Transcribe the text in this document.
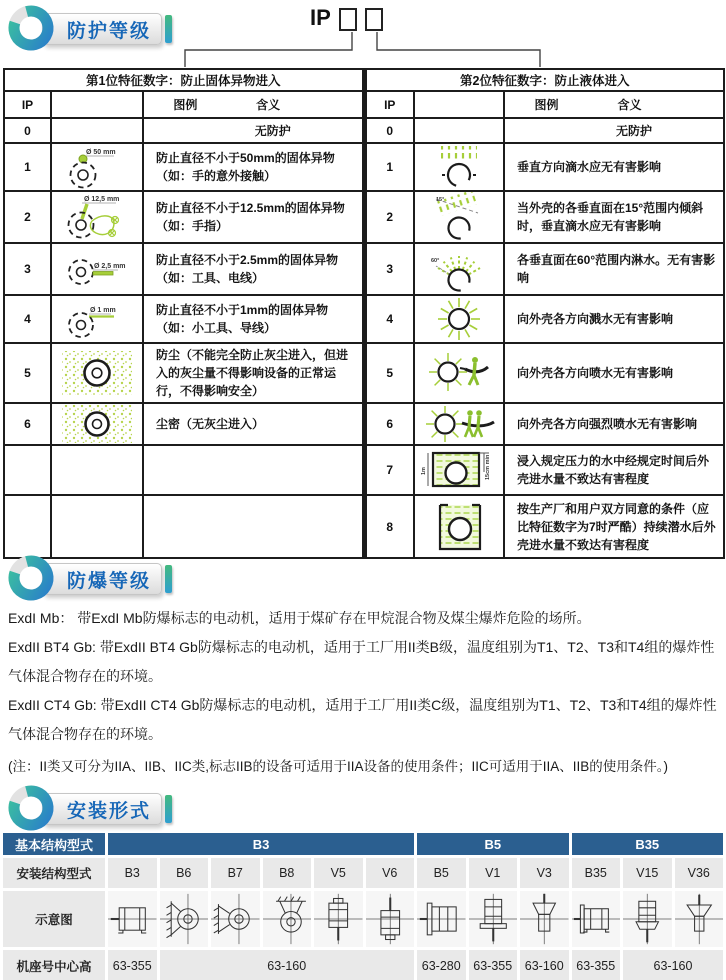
防护等级
IP
第1位特征数字：防止固体异物进入			第2位特征数字：防止液体进入		
IP		图例 含义	IP		图例 含义

0		无防护	0		无防护
1	Ø 50 mm	防止直径不小于50mm的固体异物（如：手的意外接触）	1		垂直方向滴水应无有害影响
2	Ø 12,5 mm	防止直径不小于12.5mm的固体异物（如：手指）	2	15°	当外壳的各垂直面在15°范围内倾斜时，垂直滴水应无有害影响
3	Ø 2,5 mm	防止直径不小于2.5mm的固体异物（如：工具、电线）	3	60°	各垂直面在60°范围内淋水。无有害影响
4	Ø 1 mm	防止直径不小于1mm的固体异物（如：小工具、导线）	4		向外壳各方向溅水无有害影响
5		防尘（不能完全防止灰尘进入，但进入的灰尘量不得影响设备的正常运行，不得影响安全）	5		向外壳各方向喷水无有害影响
6		尘密（无灰尘进入）	6		向外壳各方向强烈喷水无有害影响
			7	1m 15cm min	浸入规定压力的水中经规定时间后外壳进水量不致达有害程度
			8		按生产厂和用户双方同意的条件（应比特征数字为7时严酷）持续潜水后外壳进水量不致达有害程度
防爆等级

ExdI Mb： 带ExdI Mb防爆标志的电动机，适用于煤矿存在甲烷混合物及煤尘爆炸危险的场所。

ExdII BT4 Gb: 带ExdII BT4 Gb防爆标志的电动机，适用于工厂用II类B级，温度组别为T1、T2、T3和T4组的爆炸性气体混合物存在的环境。

ExdII CT4 Gb: 带ExdII CT4 Gb防爆标志的电动机，适用于工厂用II类C级，温度组别为T1、T2、T3和T4组的爆炸性气体混合物存在的环境。

(注：II类又可分为IIA、IIB、IIC类,标志IIB的设备可适用于IIA设备的使用条件；IIC可适用于IIA、IIB的使用条件。)

安装形式
基本结构型式	B3	B5	B35
安装结构型式	B3	B6	B7	B8	V5	V6	B5	V1	V3	B35	V15	V36
示意图
机座号中心高	63-355	63-160	63-280	63-355	63-160	63-355	63-160
